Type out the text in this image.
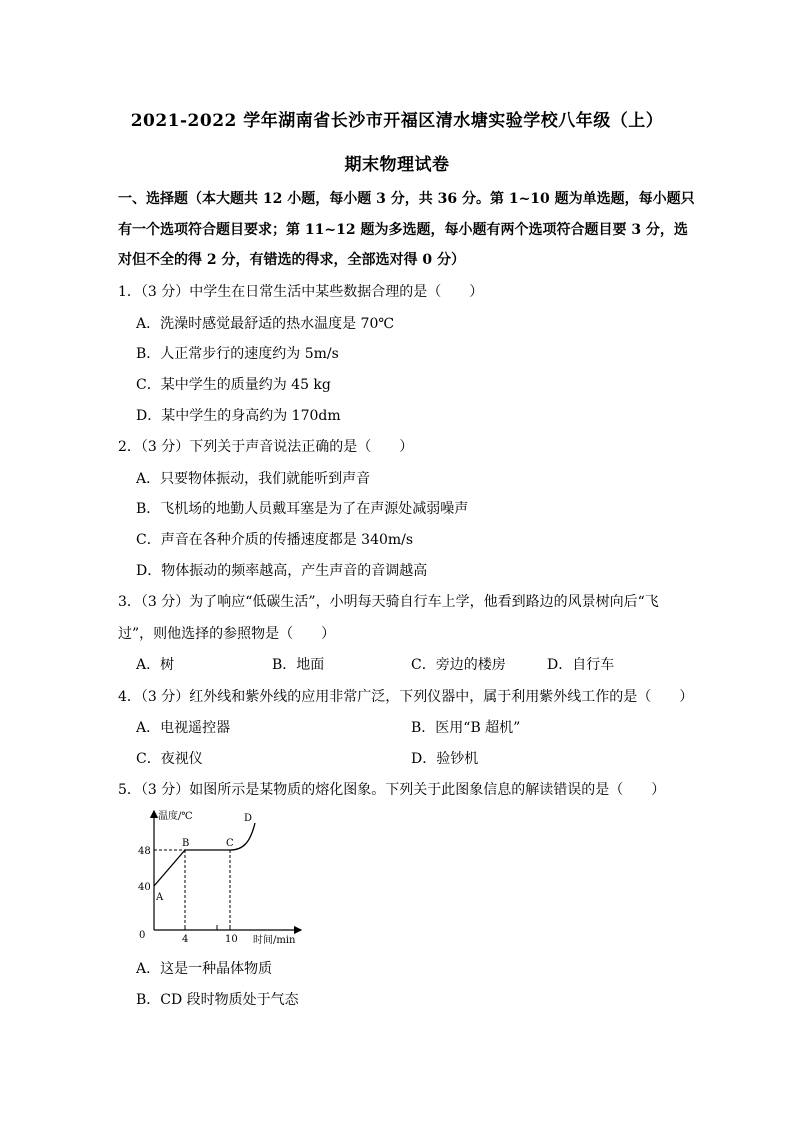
2021-2022 学年湖南省长沙市开福区清水塘实验学校八年级（上）
期末物理试卷
一、选择题（本大题共 12 小题，每小题 3 分，共 36 分。第 1~10 题为单选题，每小题只
有一个选项符合题目要求；第 11~12 题为多选题，每小题有两个选项符合题目要 3 分，选
对但不全的得 2 分，有错选的得求，全部选对得 0 分）
1．（3 分）中学生在日常生活中某些数据合理的是（　　）
A．洗澡时感觉最舒适的热水温度是 70℃
B．人正常步行的速度约为 5m/s
C．某中学生的质量约为 45 kg
D．某中学生的身高约为 170dm
2．（3 分）下列关于声音说法正确的是（　　）
A．只要物体振动，我们就能听到声音
B．飞机场的地勤人员戴耳塞是为了在声源处减弱噪声
C．声音在各种介质的传播速度都是 340m/s
D．物体振动的频率越高，产生声音的音调越高
3．（3 分）为了响应“低碳生活”，小明每天骑自行车上学，他看到路边的风景树向后“飞
过”，则他选择的参照物是（　　）
A．树	B．地面	C．旁边的楼房	D．自行车
4．（3 分）红外线和紫外线的应用非常广泛，下列仪器中，属于利用紫外线工作的是（　　）
A．电视遥控器	B．医用“B 超机”
C．夜视仪	D．验钞机
5．（3 分）如图所示是某物质的熔化图象。下列关于此图象信息的解读错误的是（　　）
温度/℃
时间/min
0
48
40
4	10
A
B	C
D
A．这是一种晶体物质
B．CD 段时物质处于气态
